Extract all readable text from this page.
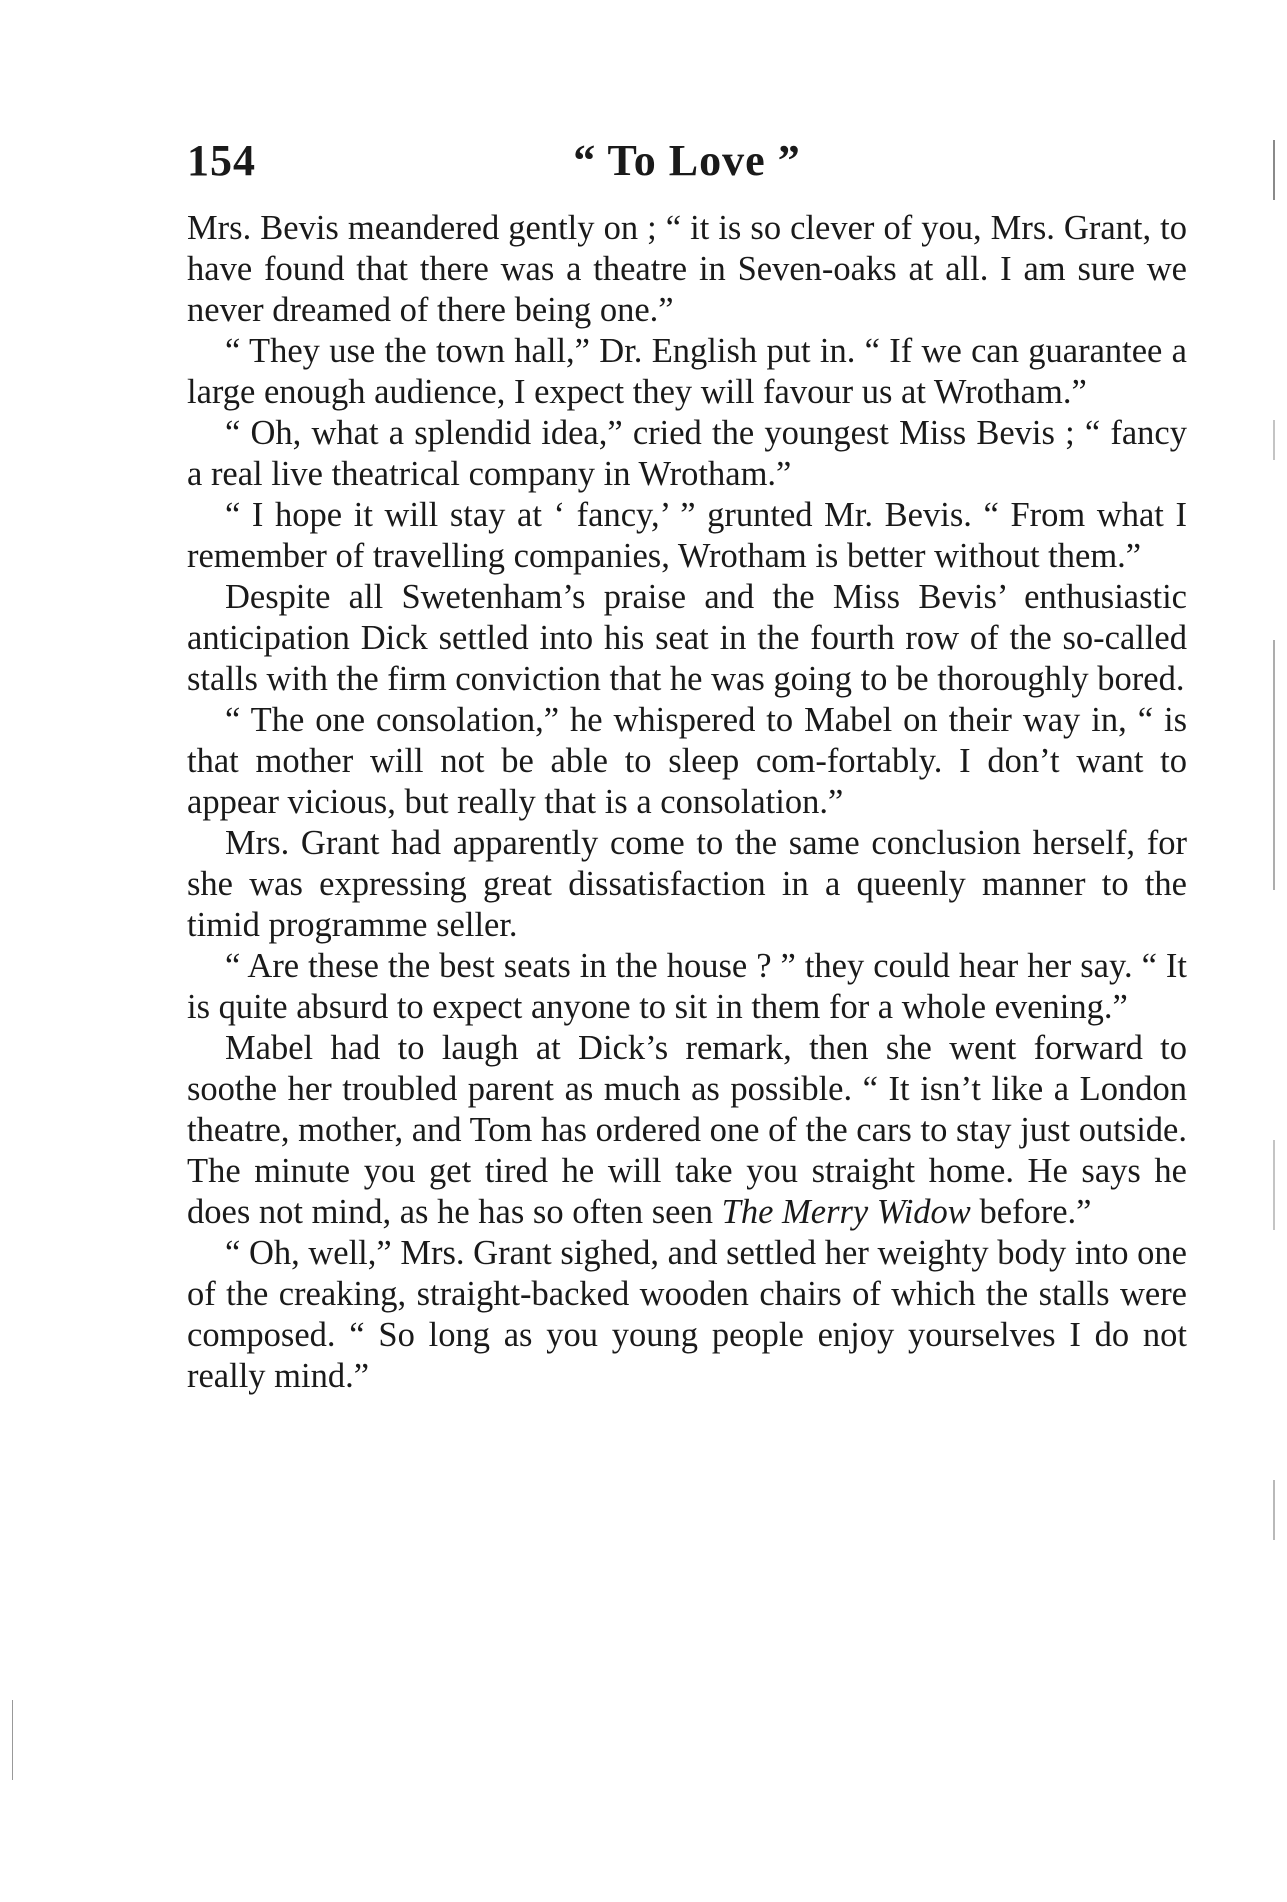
154	“ To Love ”

Mrs. Bevis meandered gently on ; “ it is so clever of you, Mrs. Grant, to have found that there was a theatre in Seven-oaks at all. I am sure we never dreamed of there being one.”

“ They use the town hall,” Dr. English put in. “ If we can guarantee a large enough audience, I expect they will favour us at Wrotham.”

“ Oh, what a splendid idea,” cried the youngest Miss Bevis ; “ fancy a real live theatrical company in Wrotham.”

“ I hope it will stay at ‘ fancy,’ ” grunted Mr. Bevis. “ From what I remember of travelling companies, Wrotham is better without them.”

Despite all Swetenham’s praise and the Miss Bevis’ enthusiastic anticipation Dick settled into his seat in the fourth row of the so-called stalls with the firm conviction that he was going to be thoroughly bored.

“ The one consolation,” he whispered to Mabel on their way in, “ is that mother will not be able to sleep com-fortably. I don’t want to appear vicious, but really that is a consolation.”

Mrs. Grant had apparently come to the same conclusion herself, for she was expressing great dissatisfaction in a queenly manner to the timid programme seller.

“ Are these the best seats in the house ? ” they could hear her say. “ It is quite absurd to expect anyone to sit in them for a whole evening.”

Mabel had to laugh at Dick’s remark, then she went forward to soothe her troubled parent as much as possible. “ It isn’t like a London theatre, mother, and Tom has ordered one of the cars to stay just outside. The minute you get tired he will take you straight home. He says he does not mind, as he has so often seen The Merry Widow before.”

“ Oh, well,” Mrs. Grant sighed, and settled her weighty body into one of the creaking, straight-backed wooden chairs of which the stalls were composed. “ So long as you young people enjoy yourselves I do not really mind.”
